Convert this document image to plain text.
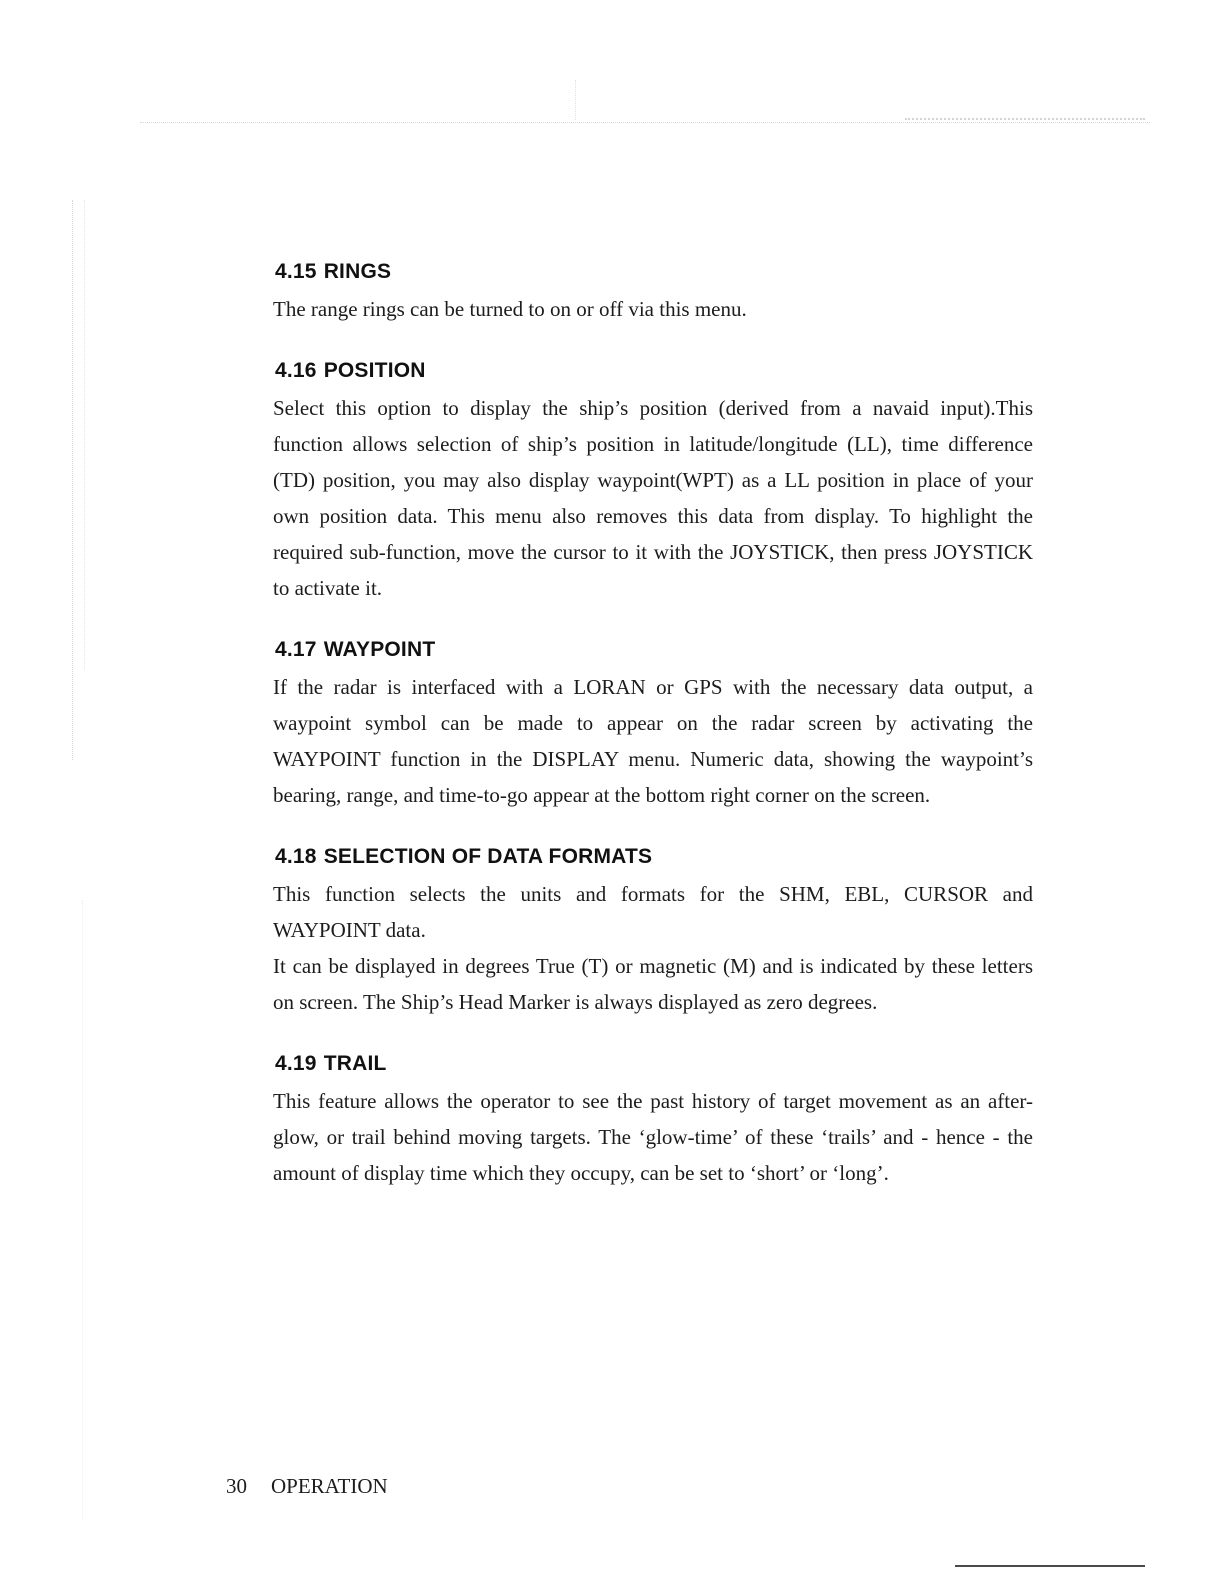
4.15 RINGS

The range rings can be turned to on or off via this menu.

4.16 POSITION

Select this option to display the ship’s position (derived from a navaid input).This function allows selection of ship’s position in latitude/longitude (LL), time difference (TD) position, you may also display waypoint(WPT) as a LL position in place of your own position data. This menu also removes this data from display. To highlight the required sub-function, move the cursor to it with the JOYSTICK, then press JOYSTICK to activate it.

4.17 WAYPOINT

If the radar is interfaced with a LORAN or GPS with the necessary data output, a waypoint symbol can be made to appear on the radar screen by activating the WAYPOINT function in the DISPLAY menu. Numeric data, showing the waypoint’s bearing, range, and time-to-go appear at the bottom right corner on the screen.

4.18 SELECTION OF DATA FORMATS

This function selects the units and formats for the SHM, EBL, CURSOR and WAYPOINT data.

It can be displayed in degrees True (T) or magnetic (M) and is indicated by these letters on screen. The Ship’s Head Marker is always displayed as zero degrees.

4.19 TRAIL

This feature allows the operator to see the past history of target movement as an after-glow, or trail behind moving targets. The ‘glow-time’ of these ‘trails’ and - hence - the amount of display time which they occupy, can be set to ‘short’ or ‘long’.

30 OPERATION
